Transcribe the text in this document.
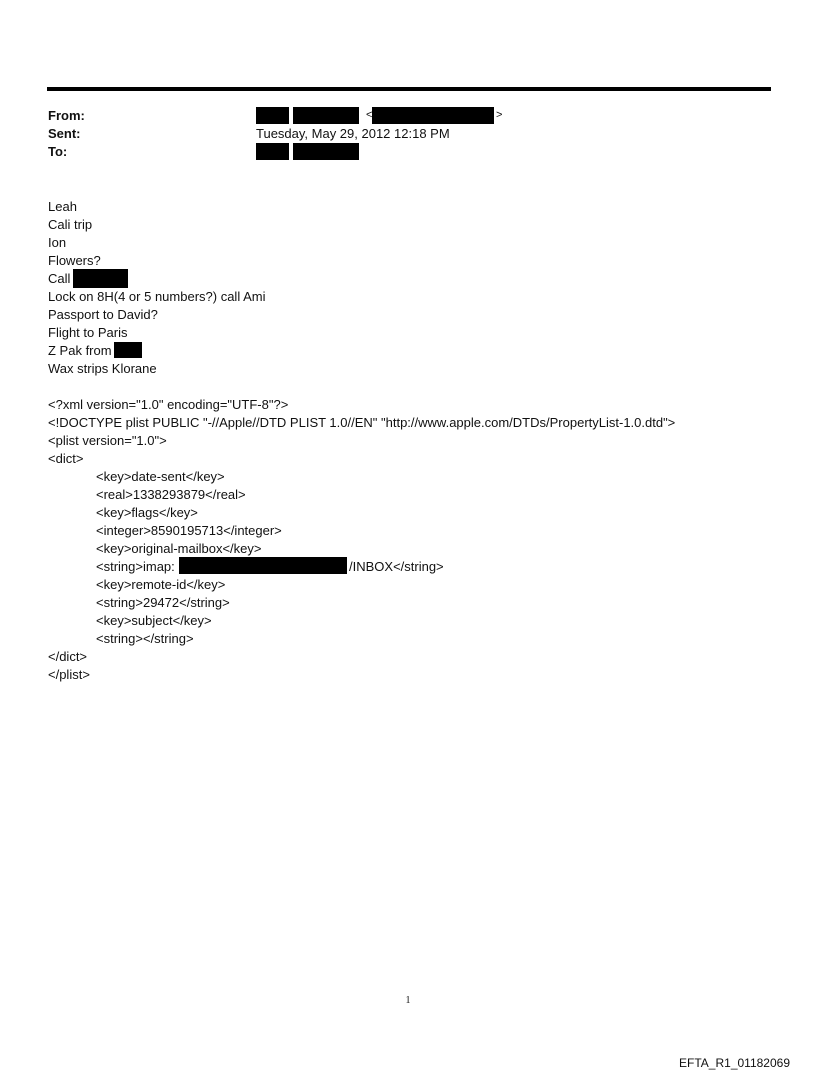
From:
Sent:
To:
<	>
Tuesday, May 29, 2012 12:18 PM
Leah
Cali trip
Ion
Flowers?
Call
Lock on 8H(4 or 5 numbers?) call Ami
Passport to David?
Flight to Paris
Z Pak from
Wax strips Klorane
<?xml version="1.0" encoding="UTF-8"?>
<!DOCTYPE plist PUBLIC "-//Apple//DTD PLIST 1.0//EN" "http://www.apple.com/DTDs/PropertyList-1.0.dtd">
<plist version="1.0">
<dict>
<key>date-sent</key>
<real>1338293879</real>
<key>flags</key>
<integer>8590195713</integer>
<key>original-mailbox</key>
<string>imap:	/INBOX</string>
<key>remote-id</key>
<string>29472</string>
<key>subject</key>
<string></string>
</dict>
</plist>
1
EFTA_R1_01182069
